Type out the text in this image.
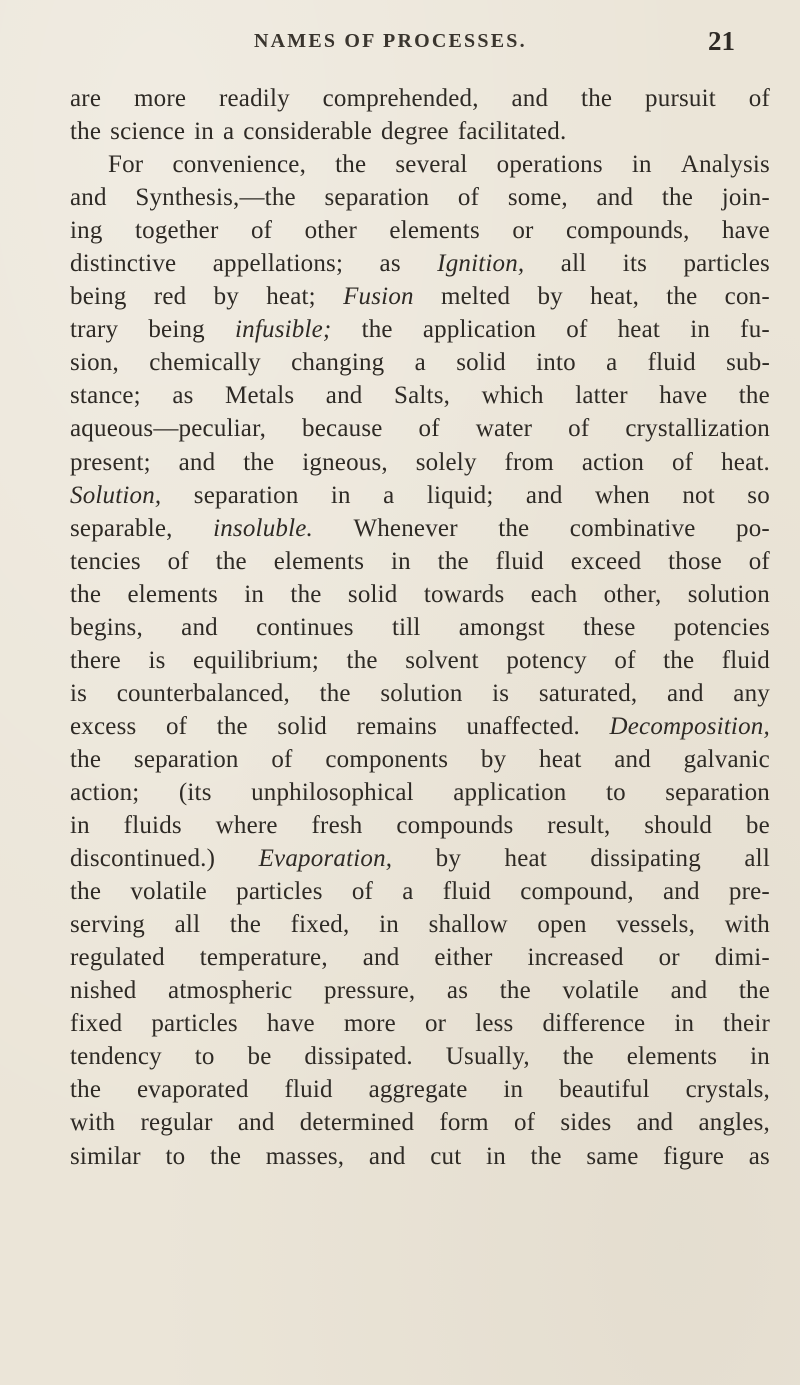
NAMES OF PROCESSES.	21
are more readily comprehended, and the pursuit of
the science in a considerable degree facilitated.
For convenience, the several operations in Analysis
and Synthesis,—the separation of some, and the join-
ing together of other elements or compounds, have
distinctive appellations; as Ignition, all its particles
being red by heat; Fusion melted by heat, the con-
trary being infusible; the application of heat in fu-
sion, chemically changing a solid into a fluid sub-
stance; as Metals and Salts, which latter have the
aqueous—peculiar, because of water of crystallization
present; and the igneous, solely from action of heat.
Solution, separation in a liquid; and when not so
separable, insoluble. Whenever the combinative po-
tencies of the elements in the fluid exceed those of
the elements in the solid towards each other, solution
begins, and continues till amongst these potencies
there is equilibrium; the solvent potency of the fluid
is counterbalanced, the solution is saturated, and any
excess of the solid remains unaffected. Decomposition,
the separation of components by heat and galvanic
action; (its unphilosophical application to separation
in fluids where fresh compounds result, should be
discontinued.) Evaporation, by heat dissipating all
the volatile particles of a fluid compound, and pre-
serving all the fixed, in shallow open vessels, with
regulated temperature, and either increased or dimi-
nished atmospheric pressure, as the volatile and the
fixed particles have more or less difference in their
tendency to be dissipated. Usually, the elements in
the evaporated fluid aggregate in beautiful crystals,
with regular and determined form of sides and angles,
similar to the masses, and cut in the same figure as
